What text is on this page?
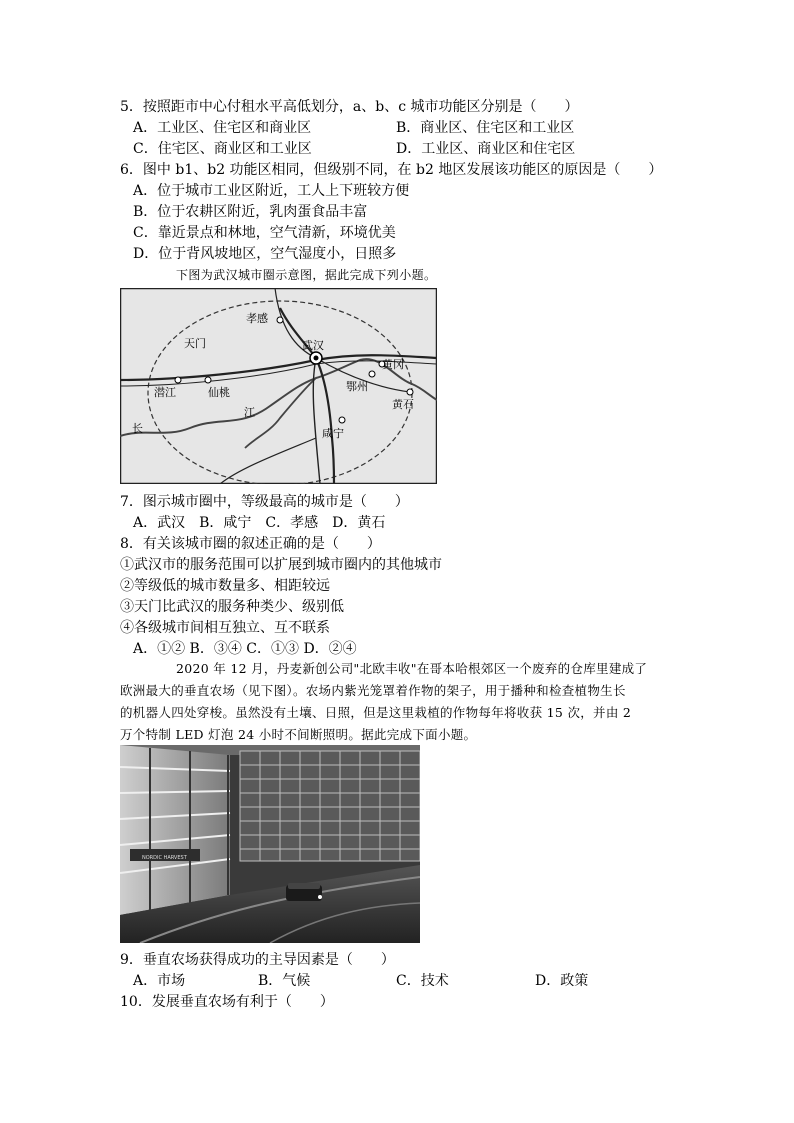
5．按照距市中心付租水平高低划分，a、b、c 城市功能区分别是（　　）
A．工业区、住宅区和商业区	B．商业区、住宅区和工业区
C．住宅区、商业区和工业区	D．工业区、商业区和住宅区
6．图中 b1、b2 功能区相同，但级别不同，在 b2 地区发展该功能区的原因是（　　）
A．位于城市工业区附近，工人上下班较方便
B．位于农耕区附近，乳肉蛋食品丰富
C．靠近景点和林地，空气清新，环境优美
D．位于背风坡地区，空气湿度小，日照多
下图为武汉城市圈示意图，据此完成下列小题。
孝感
天门	武汉
黄冈
潜江	仙桃	鄂州
黄石
江
长	咸宁
7．图示城市圈中，等级最高的城市是（　　）
A．武汉　B．咸宁　C．孝感　D．黄石
8．有关该城市圈的叙述正确的是（　　）
①武汉市的服务范围可以扩展到城市圈内的其他城市
②等级低的城市数量多、相距较远
③天门比武汉的服务种类少、级别低
④各级城市间相互独立、互不联系
A．①② B．③④ C．①③ D．②④

2020 年 12 月，丹麦新创公司"北欧丰收"在哥本哈根郊区一个废弃的仓库里建成了

欧洲最大的垂直农场（见下图）。农场内紫光笼罩着作物的架子，用于播种和检查植物生长

的机器人四处穿梭。虽然没有土壤、日照，但是这里栽植的作物每年将收获 15 次，并由 2

万个特制 LED 灯泡 24 小时不间断照明。据此完成下面小题。

NORDIC HARVEST
9．垂直农场获得成功的主导因素是（　　）
A．市场	B．气候	C．技术	D．政策
10．发展垂直农场有利于（　　）
